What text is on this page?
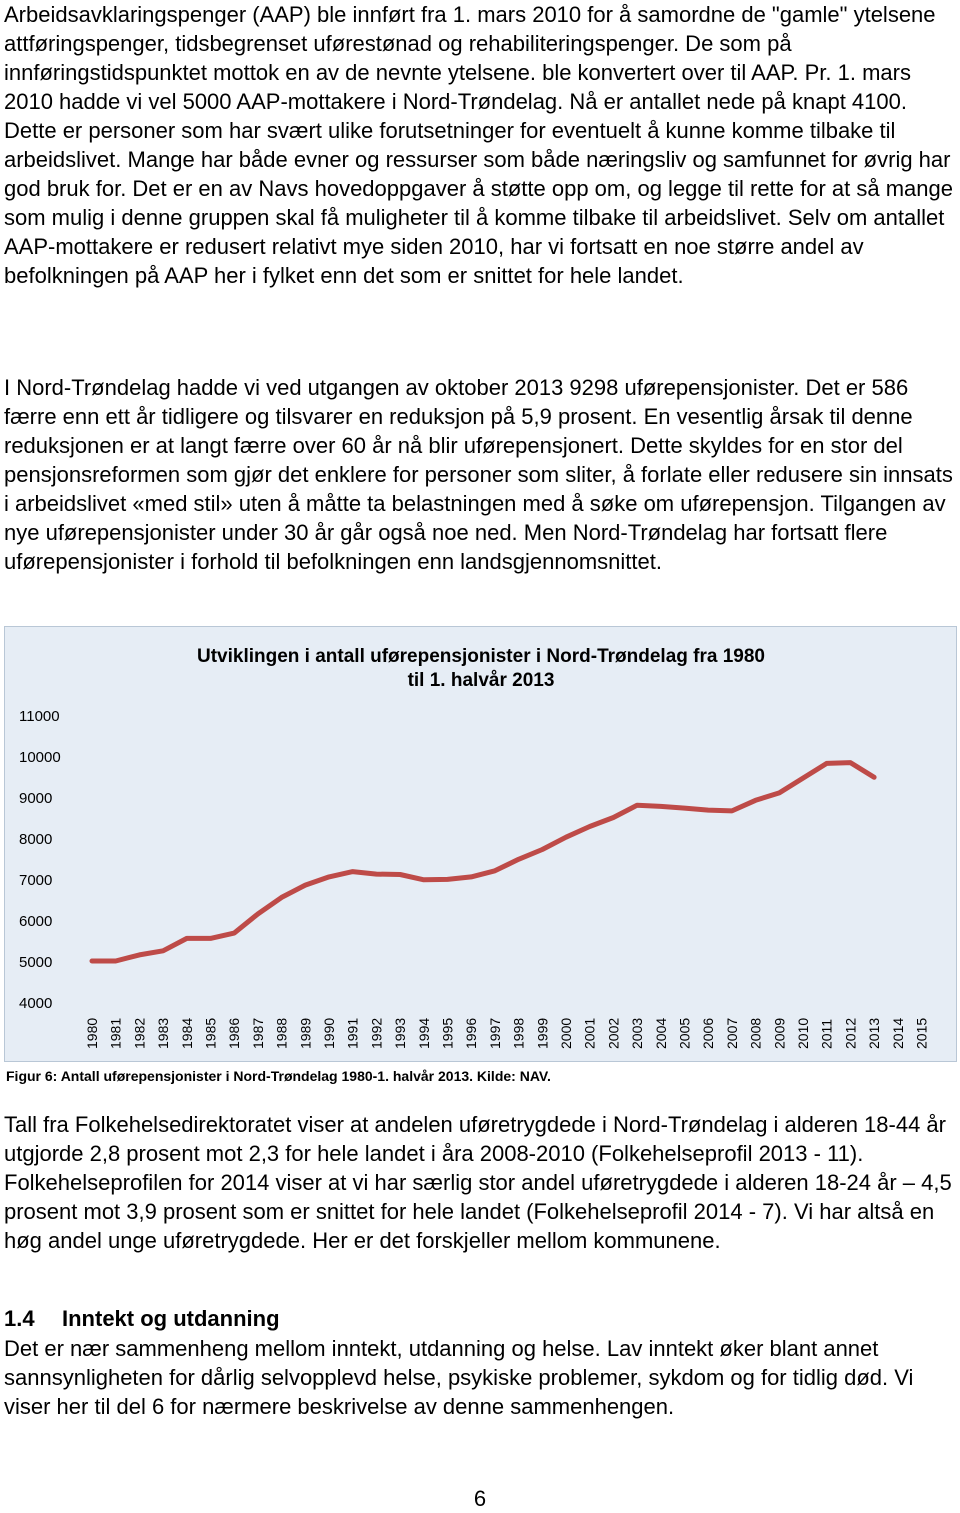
Arbeidsavklaringspenger (AAP) ble innført fra 1. mars 2010 for å samordne de "gamle" ytelsene attføringspenger, tidsbegrenset uførestønad og rehabiliteringspenger. De som på innføringstidspunktet mottok en av de nevnte ytelsene. ble konvertert over til AAP. Pr. 1. mars 2010 hadde vi vel 5000 AAP-mottakere i Nord-Trøndelag. Nå er antallet nede på knapt 4100. Dette er personer som har svært ulike forutsetninger for eventuelt å kunne komme tilbake til arbeidslivet. Mange har både evner og ressurser som både næringsliv og samfunnet for øvrig har god bruk for. Det er en av Navs hovedoppgaver å støtte opp om, og legge til rette for at så mange som mulig i denne gruppen skal få muligheter til å komme tilbake til arbeidslivet. Selv om antallet AAP-mottakere er redusert relativt mye siden 2010, har vi fortsatt en noe større andel av befolkningen på AAP her i fylket enn det som er snittet for hele landet.

I Nord-Trøndelag hadde vi ved utgangen av oktober 2013 9298 uførepensjonister. Det er 586 færre enn ett år tidligere og tilsvarer en reduksjon på 5,9 prosent. En vesentlig årsak til denne reduksjonen er at langt færre over 60 år nå blir uførepensjonert. Dette skyldes for en stor del pensjonsreformen som gjør det enklere for personer som sliter, å forlate eller redusere sin innsats i arbeidslivet «med stil» uten å måtte ta belastningen med å søke om uførepensjon. Tilgangen av nye uførepensjonister under 30 år går også noe ned. Men Nord-Trøndelag har fortsatt flere uførepensjonister i forhold til befolkningen enn landsgjennomsnittet.

Utviklingen i antall uførepensjonister i Nord-Trøndelag fra 1980
til 1. halvår 2013
4000
5000
6000
7000
8000
9000
10000
11000
1980 1981 1982 1983 1984 1985 1986 1987 1988 1989 1990 1991 1992 1993 1994 1995 1996 1997 1998 1999 2000 2001 2002 2003 2004 2005 2006 2007 2008 2009 2010 2011 2012 2013 2014 2015
Figur 6: Antall uførepensjonister i Nord-Trøndelag 1980-1. halvår 2013. Kilde: NAV.

Tall fra Folkehelsedirektoratet viser at andelen uføretrygdede i Nord-Trøndelag i alderen 18-44 år utgjorde 2,8 prosent mot 2,3 for hele landet i åra 2008-2010 (Folkehelseprofil 2013 - 11). Folkehelseprofilen for 2014 viser at vi har særlig stor andel uføretrygdede i alderen 18-24 år – 4,5 prosent mot 3,9 prosent som er snittet for hele landet (Folkehelseprofil 2014 - 7). Vi har altså en høg andel unge uføretrygdede. Her er det forskjeller mellom kommunene.

1.4 Inntekt og utdanning

Det er nær sammenheng mellom inntekt, utdanning og helse. Lav inntekt øker blant annet sannsynligheten for dårlig selvopplevd helse, psykiske problemer, sykdom og for tidlig død. Vi viser her til del 6 for nærmere beskrivelse av denne sammenhengen.

6
